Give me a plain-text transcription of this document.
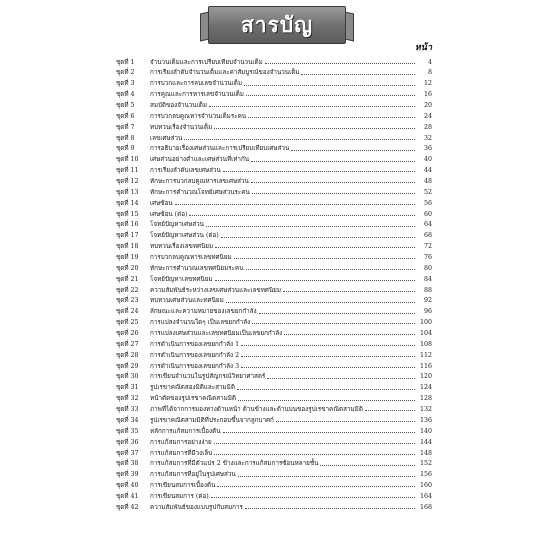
สารบัญ
หน้า
ชุดที่ 1	จำนวนเต็มและการเปรียบเทียบจำนวนเต็ม	4
ชุดที่ 2	การเรียงลำดับจำนวนเต็มและค่าสัมบูรณ์ของจำนวนเต็ม	8
ชุดที่ 3	การบวกและการลบเลขจำนวนเต็ม	12
ชุดที่ 4	การคูณและการหารเลขจำนวนเต็ม	16
ชุดที่ 5	สมบัติของจำนวนเต็ม	20
ชุดที่ 6	การบวกลบคูณหารจำนวนเต็มระคน	24
ชุดที่ 7	ทบทวนเรื่องจำนวนเต็ม	28
ชุดที่ 8	เลขเศษส่วน	32
ชุดที่ 9	การอธิบายเรื่องเศษส่วนและการเปรียบเทียบเศษส่วน	36
ชุดที่ 10	เศษส่วนอย่างต่ำและเศษส่วนที่เท่ากัน	40
ชุดที่ 11	การเรียงลำดับเลขเศษส่วน	44
ชุดที่ 12	ทักษะการบวกลบคูณหารเลขเศษส่วน	48
ชุดที่ 13	ทักษะการคำนวณโจทย์เศษส่วนระคน	52
ชุดที่ 14	เศษซ้อน	56
ชุดที่ 15	เศษซ้อน (ต่อ)	60
ชุดที่ 16	โจทย์ปัญหาเศษส่วน	64
ชุดที่ 17	โจทย์ปัญหาเศษส่วน (ต่อ)	68
ชุดที่ 18	ทบทวนเรื่องเลขทศนิยม	72
ชุดที่ 19	การบวกลบคูณหารเลขทศนิยม	76
ชุดที่ 20	ทักษะการคำนวณเลขทศนิยมระคน	80
ชุดที่ 21	โจทย์ปัญหาเลขทศนิยม	84
ชุดที่ 22	ความสัมพันธ์ระหว่างเลขเศษส่วนและเลขทศนิยม	88
ชุดที่ 23	ทบทวนเศษส่วนและทศนิยม	92
ชุดที่ 24	ลักษณะและความหมายของเลขยกกำลัง	96
ชุดที่ 25	การแปลงจำนวนใดๆ เป็นเลขยกกำลัง	100
ชุดที่ 26	การแปลงเศษส่วนและเลขทศนิยมเป็นเลขยกกำลัง	104
ชุดที่ 27	การดำเนินการของเลขยกกำลัง 1	108
ชุดที่ 28	การดำเนินการของเลขยกกำลัง 2	112
ชุดที่ 29	การดำเนินการของเลขยกกำลัง 3	116
ชุดที่ 30	การเขียนจำนวนในรูปสัญกรณ์วิทยาศาสตร์	120
ชุดที่ 31	รูปเรขาคณิตสองมิติและสามมิติ	124
ชุดที่ 32	หน้าตัดของรูปเรขาคณิตสามมิติ	128
ชุดที่ 33	ภาพที่ได้จากการมองทางด้านหน้า ด้านข้างและด้านบนของรูปเรขาคณิตสามมิติ	132
ชุดที่ 34	รูปเรขาคณิตสามมิติที่ประกอบขึ้นจากลูกบาศก์	136
ชุดที่ 35	หลักการแก้สมการเบื้องต้น	140
ชุดที่ 36	การแก้สมการอย่างง่าย	144
ชุดที่ 37	การแก้สมการที่มีวงเล็บ	148
ชุดที่ 38	การแก้สมการที่มีตัวแปร 2 ข้างและการแก้สมการซ้อนหลายชั้น	152
ชุดที่ 39	การแก้สมการที่อยู่ในรูปเศษส่วน	156
ชุดที่ 40	การเขียนสมการเบื้องต้น	160
ชุดที่ 41	การเขียนสมการ (ต่อ)	164
ชุดที่ 42	ความสัมพันธ์ของแบบรูปกับสมการ	168
